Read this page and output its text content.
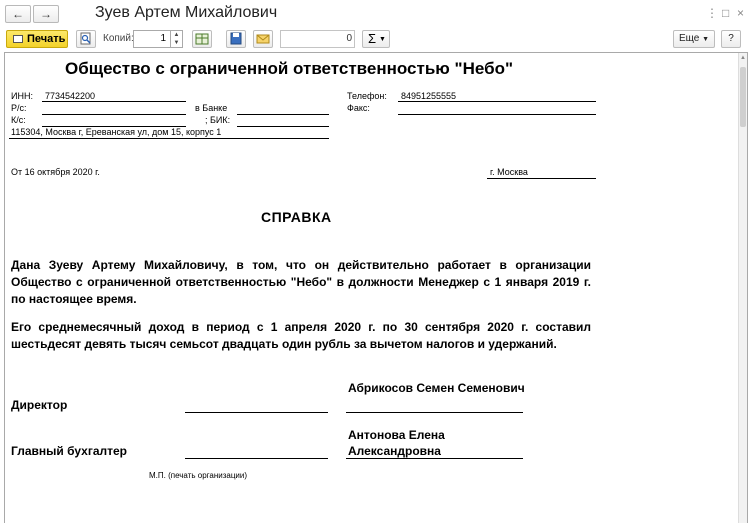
←	→	Зуев Артем Михайлович	⋮ □ ×
Печать	Копий:	1	▲
▼	0	Σ ▼	Еще ▼	?
Общество с ограниченной ответственностью "Небо"
ИНН: 7734542200
Р/с:	в Банке
К/с:	; БИК:
115304, Москва г, Ереванская ул, дом 15, корпус 1
Телефон: 84951255555
Факс:
От 16 октября 2020 г.	г. Москва
СПРАВКА
Дана Зуеву Артему Михайловичу, в том, что он действительно работает в организации Общество с ограниченной ответственностью "Небо" в должности Менеджер с 1 января 2019 г. по настоящее время.
Его среднемесячный доход в период с 1 апреля 2020 г. по 30 сентября 2020 г. составил шестьдесят девять тысяч семьсот двадцать один рубль за вычетом налогов и удержаний.
Директор
Абрикосов Семен Семенович
Главный бухгалтер
Антонова Елена Александровна
М.П. (печать организации)
▲
